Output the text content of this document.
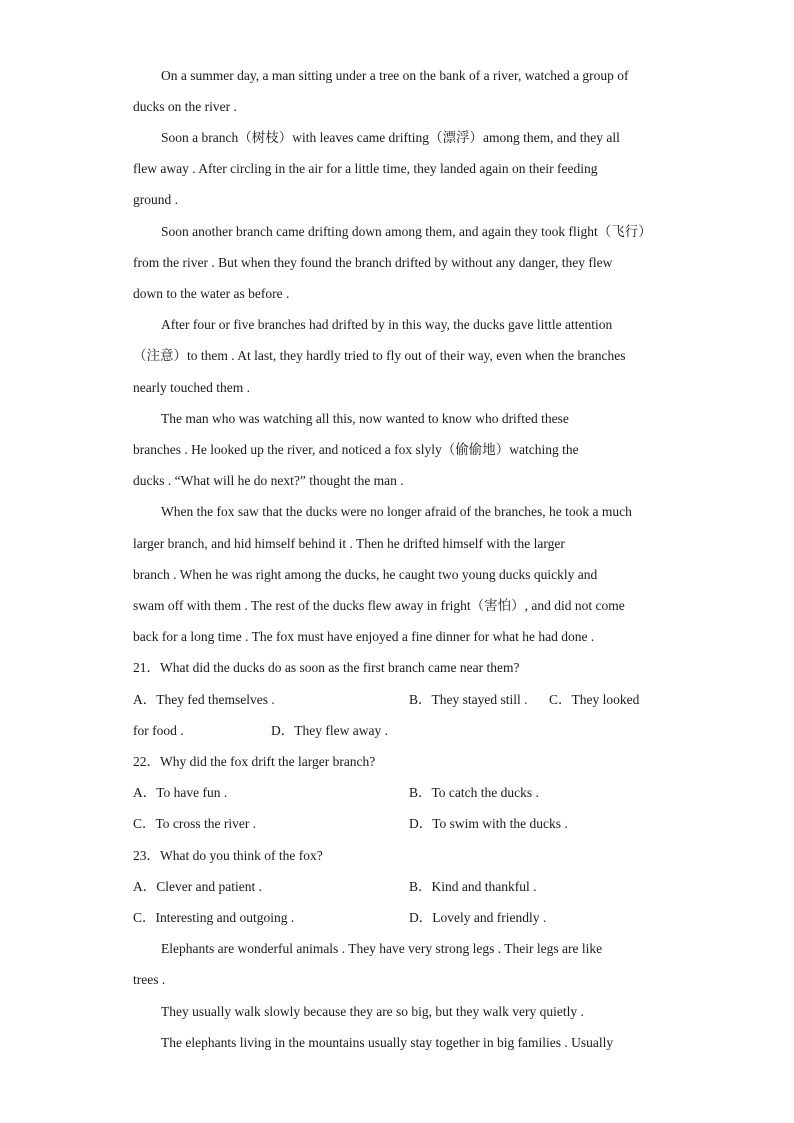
On a summer day, a man sitting under a tree on the bank of a river, watched a group of
ducks on the river .
Soon a branch（树枝）with leaves came drifting（漂浮）among them, and they all
flew away . After circling in the air for a little time, they landed again on their feeding
ground .
Soon another branch came drifting down among them, and again they took flight（飞行）
from the river . But when they found the branch drifted by without any danger, they flew
down to the water as before .
After four or five branches had drifted by in this way, the ducks gave little attention
（注意）to them . At last, they hardly tried to fly out of their way, even when the branches
nearly touched them .
The man who was watching all this, now wanted to know who drifted these
branches . He looked up the river, and noticed a fox slyly（偷偷地）watching the
ducks . “What will he do next?” thought the man .
When the fox saw that the ducks were no longer afraid of the branches, he took a much
larger branch, and hid himself behind it . Then he drifted himself with the larger
branch . When he was right among the ducks, he caught two young ducks quickly and
swam off with them . The rest of the ducks flew away in fright（害怕）, and did not come
back for a long time . The fox must have enjoyed a fine dinner for what he had done .
21．What did the ducks do as soon as the first branch came near them?
A．They fed themselves .	B．They stayed still . C．They looked
for food .	D．They flew away .
22．Why did the fox drift the larger branch?
A．To have fun .	B．To catch the ducks .
C．To cross the river .	D．To swim with the ducks .
23．What do you think of the fox?
A．Clever and patient .	B．Kind and thankful .
C．Interesting and outgoing .	D．Lovely and friendly .
Elephants are wonderful animals . They have very strong legs . Their legs are like
trees .
They usually walk slowly because they are so big, but they walk very quietly .
The elephants living in the mountains usually stay together in big families . Usually
